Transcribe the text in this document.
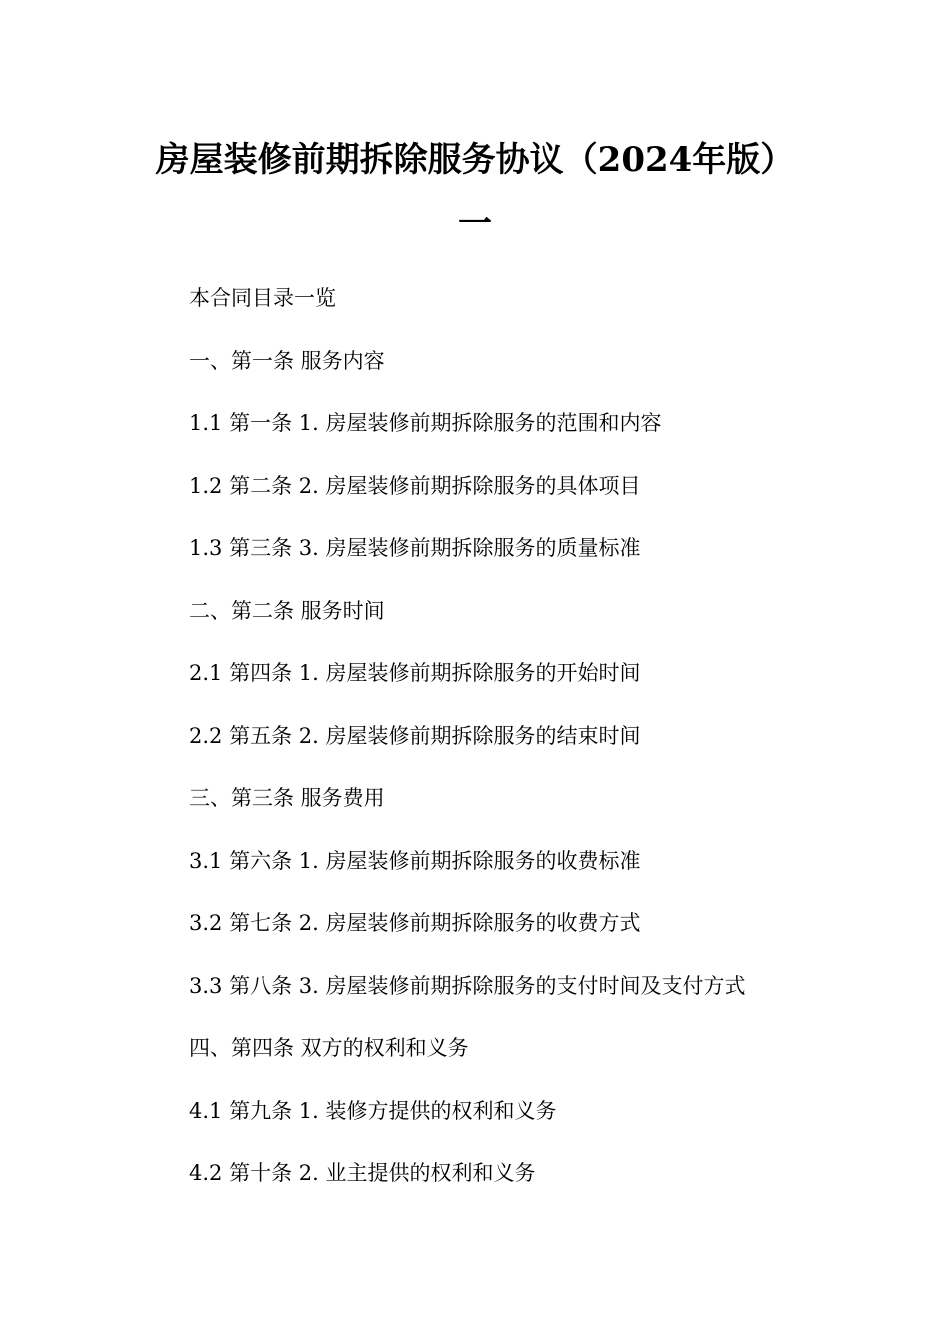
房屋装修前期拆除服务协议（2024年版）
一
本合同目录一览
一、第一条 服务内容
1.1 第一条 1. 房屋装修前期拆除服务的范围和内容
1.2 第二条 2. 房屋装修前期拆除服务的具体项目
1.3 第三条 3. 房屋装修前期拆除服务的质量标准
二、第二条 服务时间
2.1 第四条 1. 房屋装修前期拆除服务的开始时间
2.2 第五条 2. 房屋装修前期拆除服务的结束时间
三、第三条 服务费用
3.1 第六条 1. 房屋装修前期拆除服务的收费标准
3.2 第七条 2. 房屋装修前期拆除服务的收费方式
3.3 第八条 3. 房屋装修前期拆除服务的支付时间及支付方式
四、第四条 双方的权利和义务
4.1 第九条 1. 装修方提供的权利和义务
4.2 第十条 2. 业主提供的权利和义务
